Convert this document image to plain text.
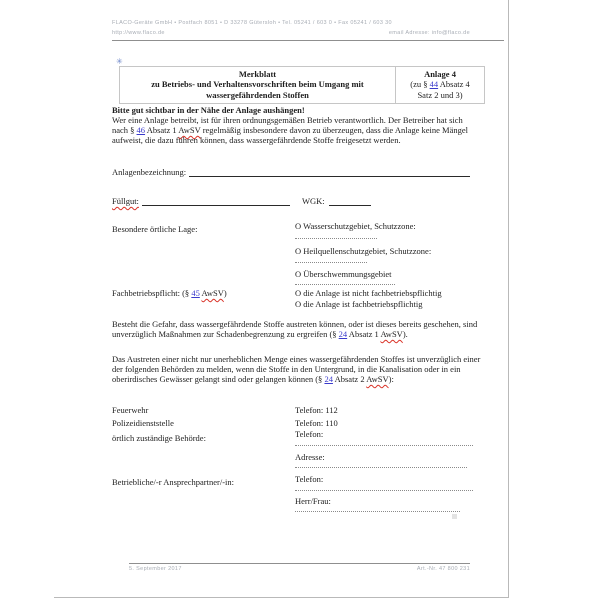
FLACO-Geräte GmbH • Postfach 8051 • D 33278 Gütersloh • Tel. 05241 / 603 0 • Fax 05241 / 603 30
http://www.flaco.de	email Adresse: info@flaco.de
✳
Merkblatt
zu Betriebs- und Verhaltensvorschriften beim Umgang mit
wassergefährdenden Stoffen
Anlage 4
(zu § 44 Absatz 4
Satz 2 und 3)
Bitte gut sichtbar in der Nähe der Anlage aushängen!
Wer eine Anlage betreibt, ist für ihren ordnungsgemäßen Betrieb verantwortlich. Der Betreiber hat sich nach § 46 Absatz 1 AwSV regelmäßig insbesondere davon zu überzeugen, dass die Anlage keine Mängel aufweist, die dazu führen können, dass wassergefährdende Stoffe freigesetzt werden.
Anlagenbezeichnung:
Füllgut:	WGK:
Besondere örtliche Lage:	O Wasserschutzgebiet, Schutzzone:
O Heilquellenschutzgebiet, Schutzzone:
O Überschwemmungsgebiet
Fachbetriebspflicht: (§ 45 AwSV)	O die Anlage ist nicht fachbetriebspflichtig
O die Anlage ist fachbetriebspflichtig
Besteht die Gefahr, dass wassergefährdende Stoffe austreten können, oder ist dieses bereits geschehen, sind unverzüglich Maßnahmen zur Schadenbegrenzung zu ergreifen (§ 24 Absatz 1 AwSV).
Das Austreten einer nicht nur unerheblichen Menge eines wassergefährdenden Stoffes ist unverzüglich einer der folgenden Behörden zu melden, wenn die Stoffe in den Untergrund, in die Kanalisation oder in ein oberirdisches Gewässer gelangt sind oder gelangen können (§ 24 Absatz 2 AwSV):
Feuerwehr	Telefon: 112
Polizeidienststelle	Telefon: 110
örtlich zuständige Behörde:	Telefon:
Adresse:
Betriebliche/-r Ansprechpartner/-in:	Telefon:
Herr/Frau:
5. September 2017	Art.-Nr. 47 800 231
